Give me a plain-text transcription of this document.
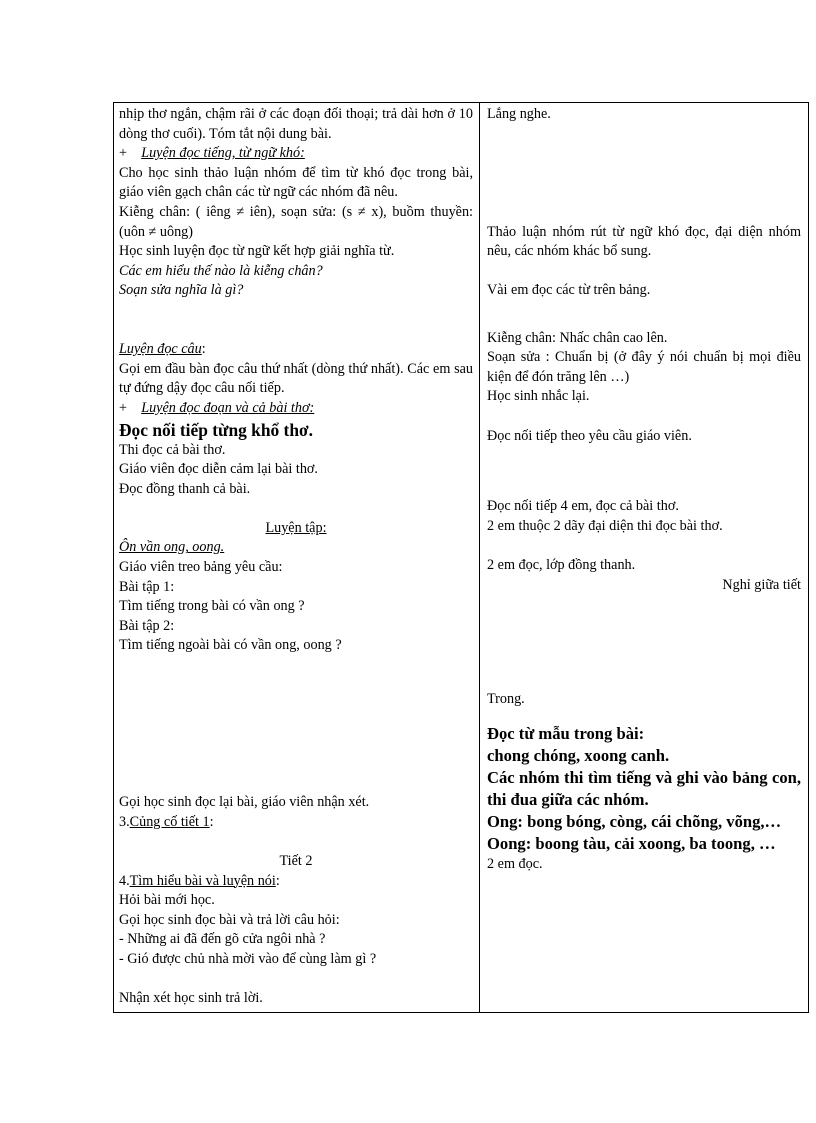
nhịp thơ ngắn, chậm rãi ở các đoạn đối thoại; trả dài hơn ở 10 dòng thơ cuối). Tóm tắt nội dung bài.

+ Luyện đọc tiếng, từ ngữ khó:

Cho học sinh thảo luận nhóm để tìm từ khó đọc trong bài, giáo viên gạch chân các từ ngữ các nhóm đã nêu.

Kiễng chân: ( iêng ≠ iên), soạn sửa: (s ≠ x), buồm thuyền: (uôn ≠ uông)

Học sinh luyện đọc từ ngữ kết hợp giải nghĩa từ.

Các em hiểu thế nào là kiễng chân?

Soạn sửa nghĩa là gì?

Luyện đọc câu:

Gọi em đầu bàn đọc câu thứ nhất (dòng thứ nhất). Các em sau tự đứng dậy đọc câu nối tiếp.

+ Luyện đọc đoạn và cả bài thơ:

Đọc nối tiếp từng khổ thơ.

Thi đọc cả bài thơ.

Giáo viên đọc diễn cảm lại bài thơ.

Đọc đồng thanh cả bài.

Luyện tập:

Ôn vần ong, oong.

Giáo viên treo bảng yêu cầu:

Bài tập 1:

Tìm tiếng trong bài có vần ong ?

Bài tập 2:

Tìm tiếng ngoài bài có vần ong, oong ?

Gọi học sinh đọc lại bài, giáo viên nhận xét.

3.Củng cố tiết 1:

Tiết 2

4.Tìm hiểu bài và luyện nói:

Hỏi bài mới học.

Gọi học sinh đọc bài và trả lời câu hỏi:

- Những ai đã đến gõ cửa ngôi nhà ?

- Gió được chủ nhà mời vào để cùng làm gì ?

Nhận xét học sinh trả lời.

Lắng nghe.

Thảo luận nhóm rút từ ngữ khó đọc, đại diện nhóm nêu, các nhóm khác bổ sung.

Vài em đọc các từ trên bảng.

Kiễng chân: Nhấc chân cao lên.

Soạn sửa : Chuẩn bị (ở đây ý nói chuẩn bị mọi điều kiện để đón trăng lên …)

Học sinh nhắc lại.

Đọc nối tiếp theo yêu cầu giáo viên.

Đọc nối tiếp 4 em, đọc cả bài thơ.

2 em thuộc 2 dãy đại diện thi đọc bài thơ.

2 em đọc, lớp đồng thanh.

Nghỉ giữa tiết

Trong.

Đọc từ mẫu trong bài:

chong chóng, xoong canh.

Các nhóm thi tìm tiếng và ghi vào bảng con, thi đua giữa các nhóm.

Ong: bong bóng, còng, cái chõng, võng,…

Oong: boong tàu, cải xoong, ba toong, …

2 em đọc.
